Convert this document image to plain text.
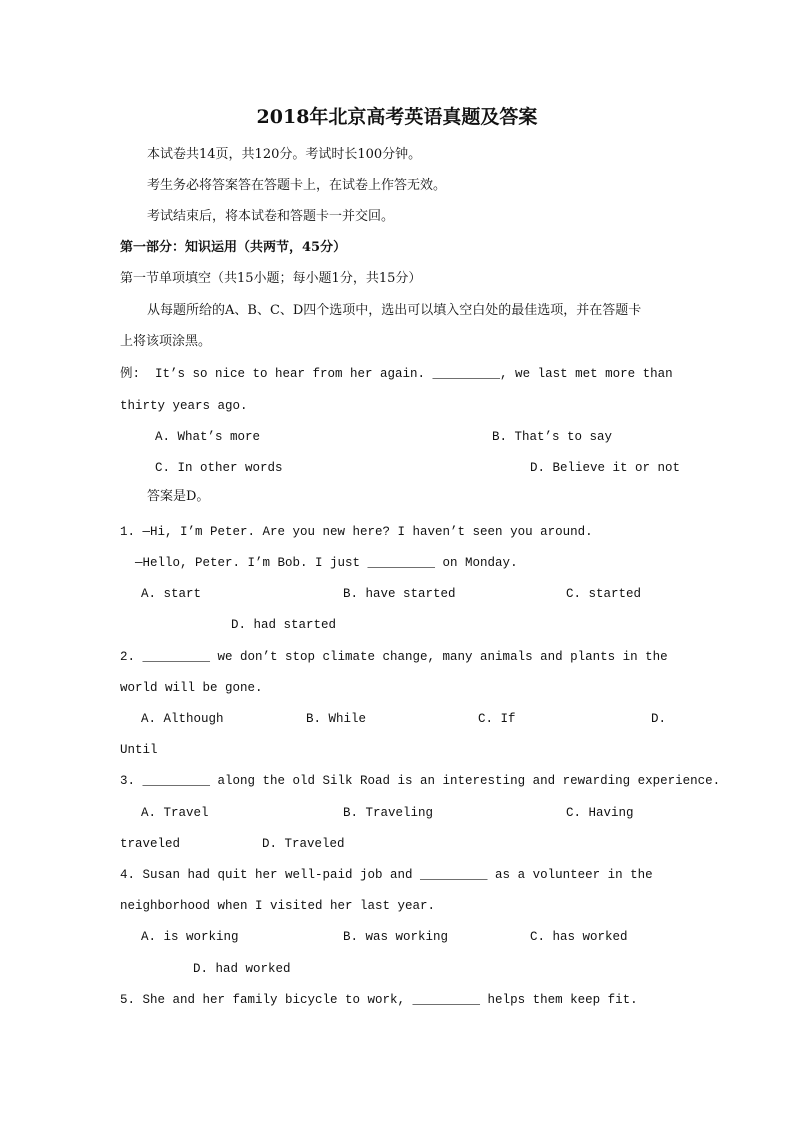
2018年北京高考英语真题及答案
本试卷共14页，共120分。考试时长100分钟。
考生务必将答案答在答题卡上，在试卷上作答无效。
考试结束后，将本试卷和答题卡一并交回。
第一部分：知识运用（共两节，45分）
第一节单项填空（共15小题；每小题1分，共15分）
从每题所给的A、B、C、D四个选项中，选出可以填入空白处的最佳选项，并在答题卡
上将该项涂黑。
例:  It’s so nice to hear from her again. _________, we last met more than
thirty years ago.
A. What’s more	B. That’s to say
C. In other words	D. Believe it or not
答案是D。
1. —Hi, I’m Peter. Are you new here? I haven’t seen you around.
—Hello, Peter. I’m Bob. I just _________ on Monday.
A. start	B. have started	C. started
D. had started
2. _________ we don’t stop climate change, many animals and plants in the
world will be gone.
A. Although	B. While	C. If	D.
Until
3. _________ along the old Silk Road is an interesting and rewarding experience.
A. Travel	B. Traveling	C. Having
traveled	D. Traveled
4. Susan had quit her well-paid job and _________ as a volunteer in the
neighborhood when I visited her last year.
A. is working	B. was working	C. has worked
D. had worked
5. She and her family bicycle to work, _________ helps them keep fit.
